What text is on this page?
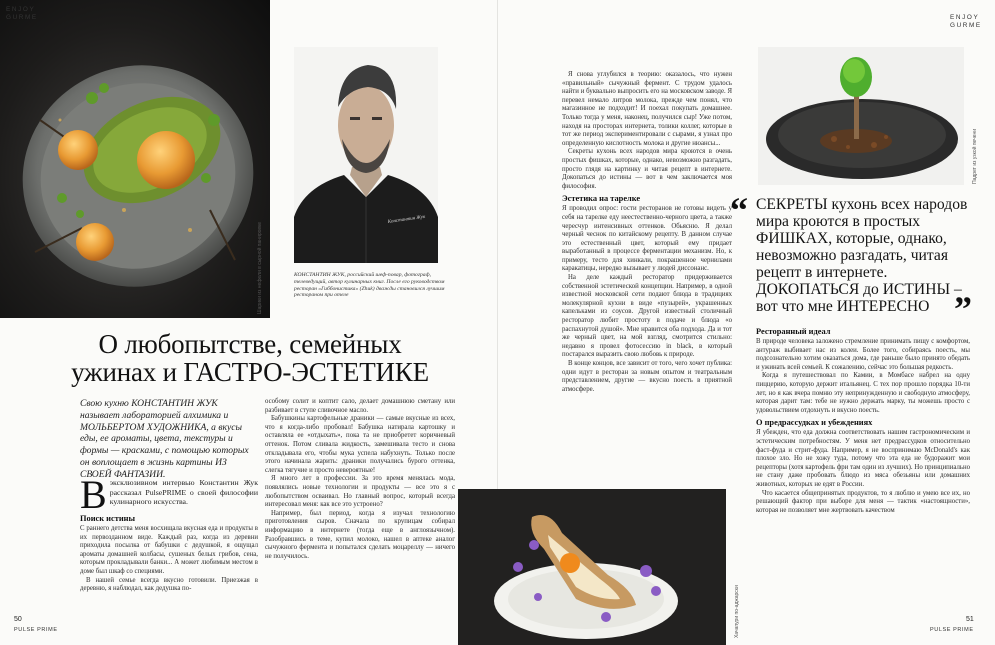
Шарики из нефели в сырной панировке
Константин Жук
КОНСТАНТИН ЖУК, российский шеф-повар, фотограф, телеведущий, автор кулинарных книг. После его руководством ресторан «Гиббонистика» (Zhuk) дважды становился лучшим рестораном при отеле
О любопытстве, семейных
ужинах и ГАСТРО-ЭСТЕТИКЕ
Свою кухню КОНСТАНТИН ЖУК называет лабораторией алхимика и МОЛЬБЕРТОМ ХУДОЖНИКА, а вкусы еды, ее ароматы, цвета, текстуры и формы — красками, с помощью которых он воплощает в жизнь картины ИЗ СВОЕЙ ФАНТАЗИИ.
В эксклюзивном интервью Константин Жук рассказал PulsePRIME о своей философии кулинарного искусства.
Поиск истины

С раннего детства меня восхищала вкусная еда и продукты в их первозданном виде. Каждый раз, когда из деревни приходила посылка от бабушки с дедушкой, я ощущал ароматы домашней колбасы, сушеных белых грибов, сена, которым прокладывали банки... А может любимым местом в доме был шкаф со специями.

В нашей семье всегда вкусно готовили. Приезжая в деревню, я наблюдал, как дедушка по-

особому солит и коптит сало, делает домашнюю сметану или разбивает в ступе сливочное масло.

Бабушкины картофельные драники — самые вкусные из всех, что я когда-либо пробовал! Бабушка натирала картошку и оставляла ее «отдыхать», пока та не приобретет коричневый оттенок. Потом сливала жидкость, замешивала тесто и снова откладывала его, чтобы мука успела набухнуть. Только после этого начинала жарить: драники получались бурого оттенка, слегка тягучие и просто невероятные!

Я много лет в профессии. За это время менялась мода, появлялись новые технологии и продукты — все это я с любопытством осваивал. Но главный вопрос, который всегда интересовал меня: как все это устроено?

Например, был период, когда я изучал технологию приготовления сыров. Сначала по крупицам собирал информацию в интернете (тогда еще в англоязычном). Разобравшись в теме, купил молоко, нашел в аптеке аналог сычужного фермента и попытался сделать моцареллу — ничего не получилось.

50
PULSE PRIME
ENJOY
GURME	ENJOY
GURME

Я снова углубился в теорию: оказалось, что нужен «правильный» сычужный фермент. С трудом удалось найти и буквально выпросить его на московском заводе. Я перевел немало литров молока, прежде чем понял, что магазинное не подходит! И поехал покупать домашнее. Только тогда у меня, наконец, получился сыр! Уже потом, находя на просторах интернета, толики коллег, которые в тот же период экспериментировали с сырами, я узнал про определенную кислотность молока и другие нюансы...

Секреты кухонь всех народов мира кроются в очень простых фишках, которые, однако, невозможно разгадать, просто глядя на картинку и читая рецепт в интернете. Докопаться до истины — вот в чем заключается моя философия.

Эстетика на тарелке

Я проводил опрос: гости ресторанов не готовы видеть у себя на тарелке еду неестественно-черного цвета, а также чересчур интенсивных оттенков. Обьясню. Я делал черный чеснок по китайскому рецепту. В данном случае это естественный цвет, который ему придает выработанный в процессе ферментации механизм. Но, к примеру, тесто для хинкали, покрашенное чернилами каракатицы, нередко вызывает у людей диссонанс.

На деле каждый ресторатор придерживается собственной эстетической концепции. Например, в одной известной московской сети подают блюда в традициях молекулярной кухни в виде «пузырей», украшенных капельками из соусов. Другой известный столичный ресторатор любит простоту в подаче и блюда «о распахнутой душой». Мне нравится оба подхода. Да и тот же черный цвет, на мой взгляд, смотрится стильно: недавно я провел фотосессию in black, в который постарался выразить свою любовь к природе.

В конце концов, все зависит от того, чего хочет публика: одни идут в ресторан за новым опытом и театральным представлением, другие — вкусно поесть в приятной атмосфере.

Падрет из узкой печени
“ СЕКРЕТЫ кухонь всех народов мира кроются в простых ФИШКАХ, которые, однако, невозможно разгадать, читая рецепт в интернете. ДОКОПАТЬСЯ до ИСТИНЫ – вот что мне ИНТЕРЕСНО ”
Ресторанный идеал

В природе человека заложено стремление принимать пищу с комфортом, антураж выбивает нас из колеи. Более того, собираясь поесть, мы подсознательно хотим оказаться дома, где раньше было принято обедать и ужинать всей семьей. К сожалению, сейчас это большая редкость.

Когда я путешествовал по Камии, в Момбасе набрел на одну пиццерию, которую держит итальянец. С тех пор прошло порядка 10-ти лет, но я как вчера помню эту непринужденную и свободную атмосферу, которая дарит там: тебе не нужно держать марку, ты можешь просто с удовольствием отдохнуть и вкусно поесть.

О предрассудках и убеждениях

Я убежден, что еда должна соответствовать нашим гастрономическим и эстетическим потребностям. У меня нет предрассудков относительно фаст-фуда и стрит-фуда. Например, я не воспринимаю McDonald's как плохое зло. Но не хожу туда, потому что эта еда не будоражит мои рецепторы (хотя картофель фри там один из лучших). Но принципиально не стану даже пробовать блюдо из мяса обезьяны или домашних животных, которых не едят в России.

Что касается общепринятых продуктов, то я люблю и умею все их, но решающий фактор при выборе для меня — тактик «настоящности», которая не позволяет мне жертвовать качеством

Хачапури по-аджарски	51
PULSE PRIME
